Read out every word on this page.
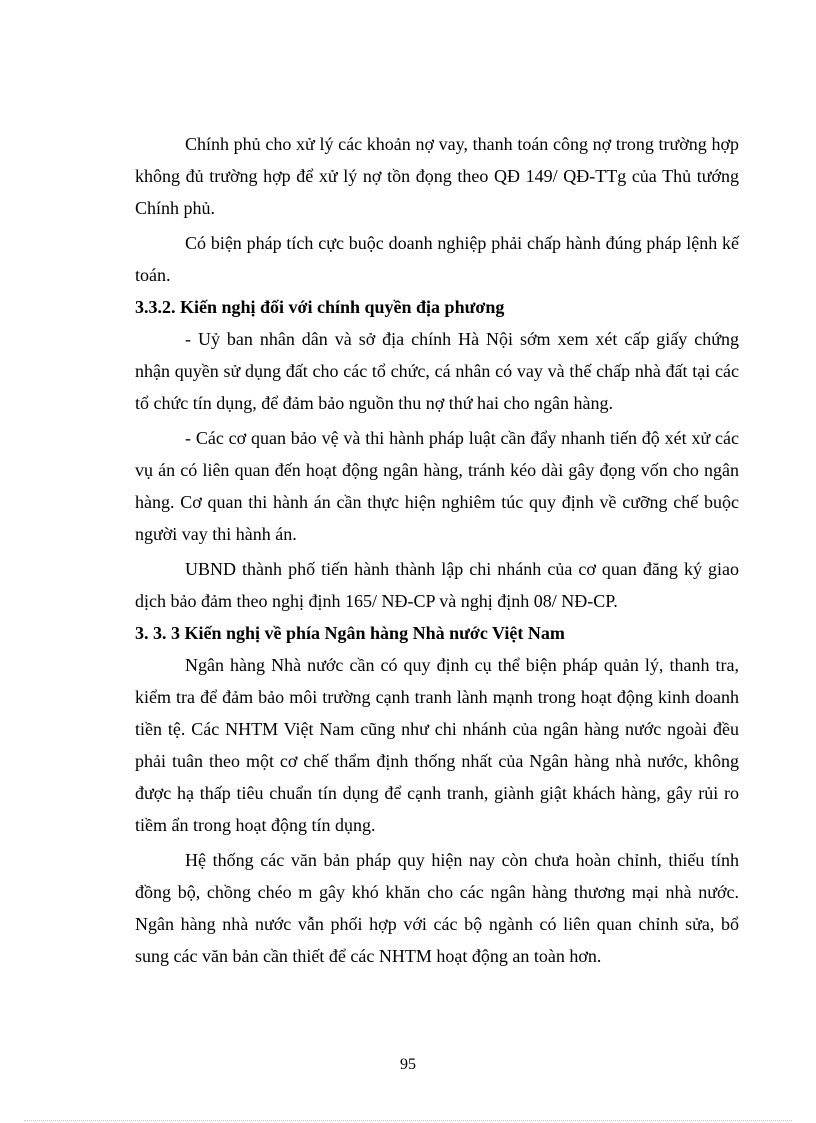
Chính phủ cho xử lý các khoản nợ vay, thanh toán công nợ trong trường hợp không đủ trường hợp để xử lý nợ tồn đọng theo QĐ 149/ QĐ-TTg của Thủ tướng Chính phủ.

Có biện pháp tích cực buộc doanh nghiệp phải chấp hành đúng pháp lệnh kế toán.

3.3.2. Kiến nghị đối với chính quyền địa phương

- Uỷ ban nhân dân và sở địa chính Hà Nội sớm xem xét cấp giấy chứng nhận quyền sử dụng đất cho các tổ chức, cá nhân có vay và thế chấp nhà đất tại các tổ chức tín dụng, để đảm bảo nguồn thu nợ thứ hai cho ngân hàng.

- Các cơ quan bảo vệ và thi hành pháp luật cần đẩy nhanh tiến độ xét xử các vụ án có liên quan đến hoạt động ngân hàng, tránh kéo dài gây đọng vốn cho ngân hàng. Cơ quan thi hành án cần thực hiện nghiêm túc quy định về cưỡng chế buộc người vay thi hành án.

UBND thành phố tiến hành thành lập chi nhánh của cơ quan đăng ký giao dịch bảo đảm theo nghị định 165/ NĐ-CP và nghị định 08/ NĐ-CP.

3. 3. 3 Kiến nghị về phía Ngân hàng Nhà nước Việt Nam

Ngân hàng Nhà nước cần có quy định cụ thể biện pháp quản lý, thanh tra, kiểm tra để đảm bảo môi trường cạnh tranh lành mạnh trong hoạt động kinh doanh tiền tệ. Các NHTM Việt Nam cũng như chi nhánh của ngân hàng nước ngoài đều phải tuân theo một cơ chế thẩm định thống nhất của Ngân hàng nhà nước, không được hạ thấp tiêu chuẩn tín dụng để cạnh tranh, giành giật khách hàng, gây rủi ro tiềm ẩn trong hoạt động tín dụng.

Hệ thống các văn bản pháp quy hiện nay còn chưa hoàn chỉnh, thiếu tính đồng bộ, chồng chéo m gây khó khăn cho các ngân hàng thương mại nhà nước. Ngân hàng nhà nước vẫn phối hợp với các bộ ngành có liên quan chỉnh sửa, bổ sung các văn bản cần thiết để các NHTM hoạt động an toàn hơn.

95
